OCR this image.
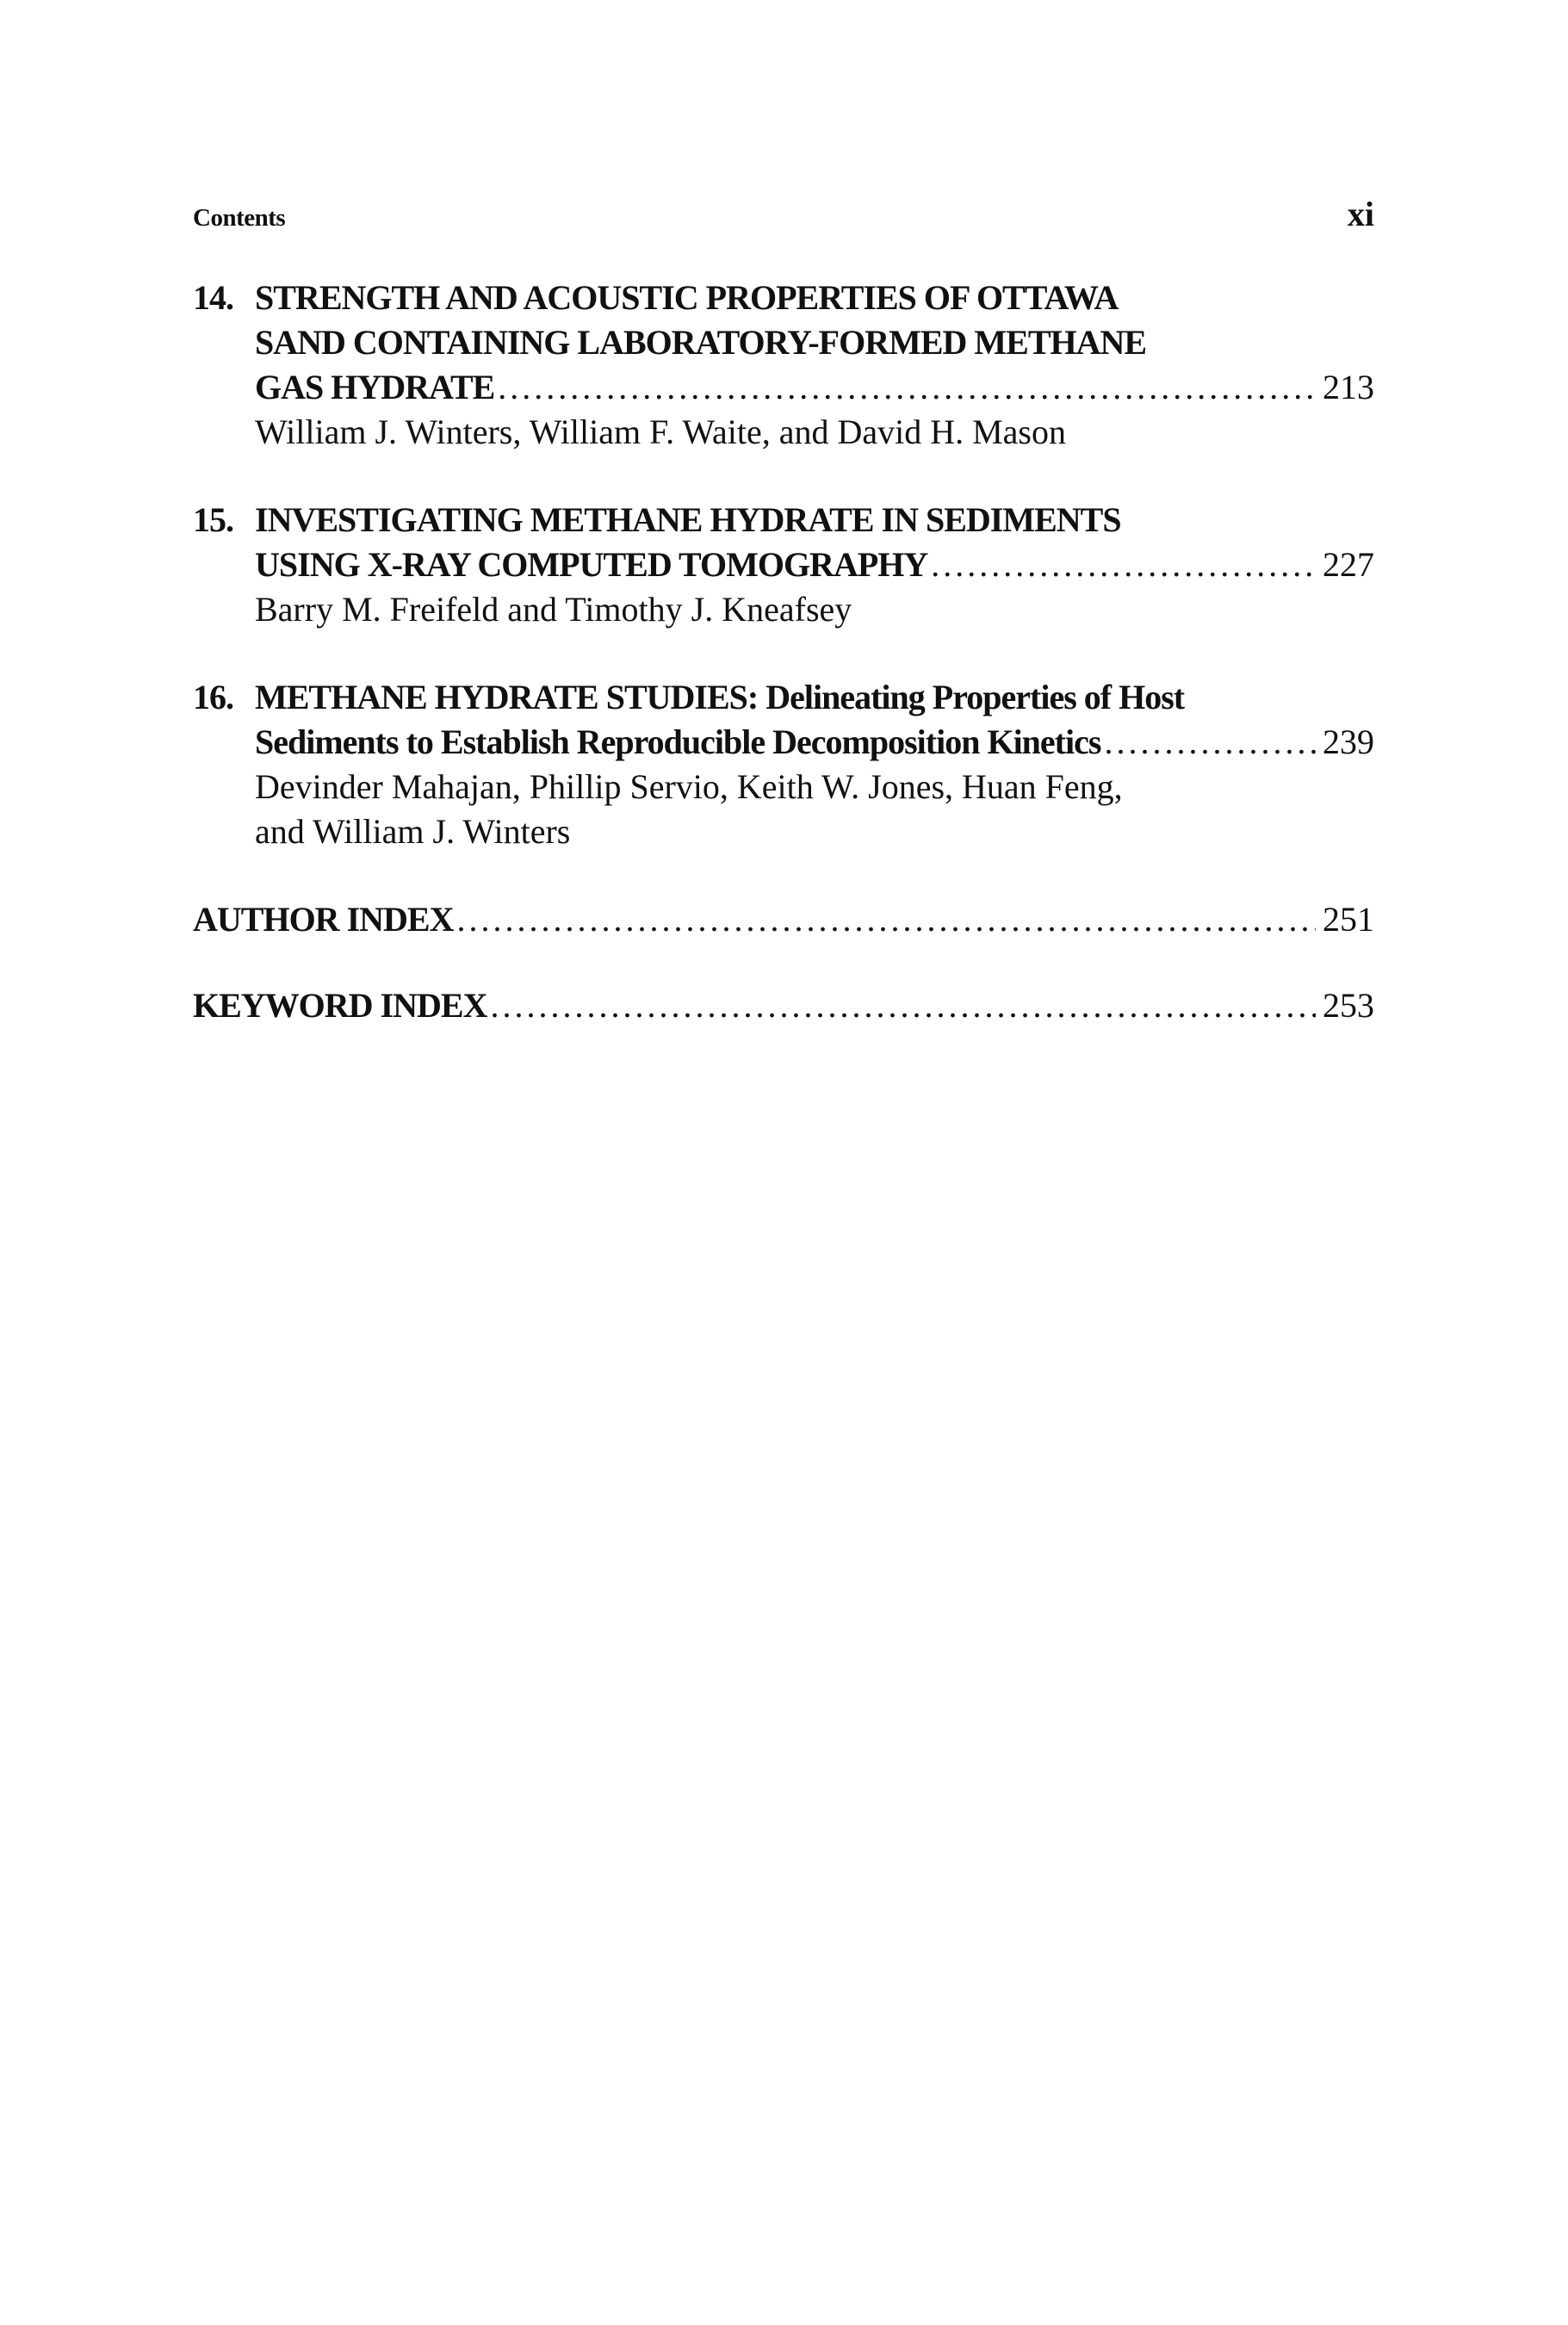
Contents	xi
14. STRENGTH AND ACOUSTIC PROPERTIES OF OTTAWA
SAND CONTAINING LABORATORY-FORMED METHANE
GAS HYDRATE . . .	213
William J. Winters, William F. Waite, and David H. Mason
15. INVESTIGATING METHANE HYDRATE IN SEDIMENTS
USING X-RAY COMPUTED TOMOGRAPHY . . .	227
Barry M. Freifeld and Timothy J. Kneafsey
16. METHANE HYDRATE STUDIES: Delineating Properties of Host
Sediments to Establish Reproducible Decomposition Kinetics . . .	239
Devinder Mahajan, Phillip Servio, Keith W. Jones, Huan Feng,
and William J. Winters
AUTHOR INDEX . . .	251
KEYWORD INDEX . . .	253
